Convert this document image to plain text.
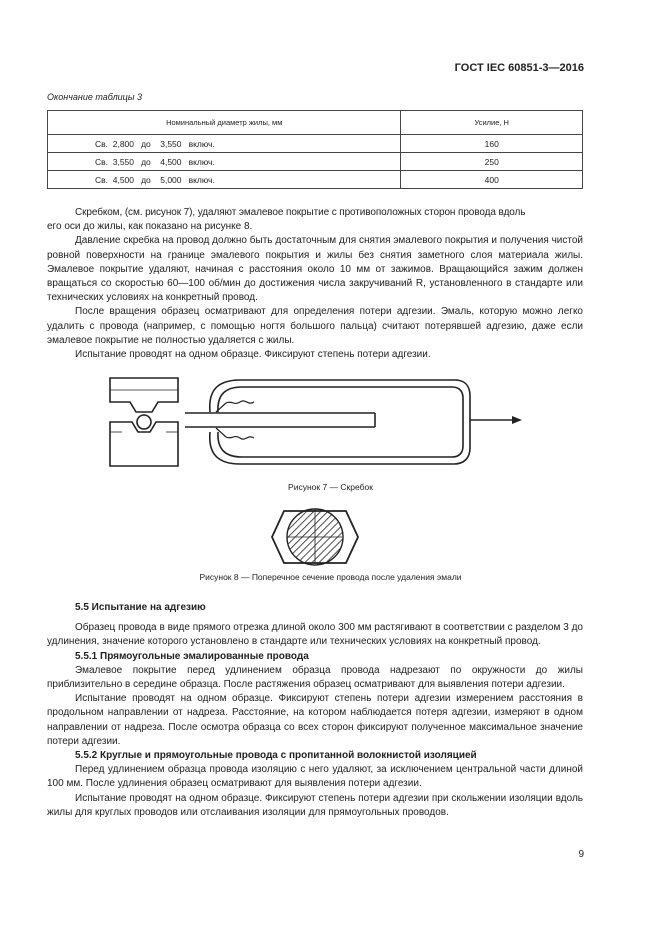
ГОСТ IEC 60851-3—2016
Окончание таблицы 3
Номинальный диаметр жилы, мм	Усилие, Н
Св.  2,800   до    3,550   включ.	160
Св.  3,550   до    4,500   включ.	250
Св.  4,500   до    5,000   включ.	400

Скребком, (см. рисунок 7), удаляют эмалевое покрытие с противоположных сторон провода вдоль

его оси до жилы, как показано на рисунке 8.

Давление скребка на провод должно быть достаточным для снятия эмалевого покрытия и получения чистой ровной поверхности на границе эмалевого покрытия и жилы без снятия заметного слоя материала жилы. Эмалевое покрытие удаляют, начиная с расстояния около 10 мм от зажимов. Вращающийся зажим должен вращаться со скоростью 60—100 об/мин до достижения числа закручиваний R, установленного в стандарте или технических условиях на конкретный провод.

После вращения образец осматривают для определения потери адгезии. Эмаль, которую можно легко удалить с провода (например, с помощью ногтя большого пальца) считают потерявшей адгезию, даже если эмалевое покрытие не полностью удаляется с жилы.

Испытание проводят на одном образце. Фиксируют степень потери адгезии.

Рисунок 7 — Скребок
Рисунок 8 — Поперечное сечение провода после удаления эмали
5.5 Испытание на адгезию

Образец провода в виде прямого отрезка длиной около 300 мм растягивают в соответствии с разделом 3 до удлинения, значение которого установлено в стандарте или технических условиях на конкретный провод.

5.5.1 Прямоугольные эмалированные провода

Эмалевое покрытие перед удлинением образца провода надрезают по окружности до жилы приблизительно в середине образца. После растяжения образец осматривают для выявления потери адгезии.

Испытание проводят на одном образце. Фиксируют степень потери адгезии измерением расстояния в продольном направлении от надреза. Расстояние, на котором наблюдается потеря адгезии, измеряют в одном направлении от надреза. После осмотра образца со всех сторон фиксируют полученное максимальное значение потери адгезии.

5.5.2 Круглые и прямоугольные провода с пропитанной волокнистой изоляцией

Перед удлинением образца провода изоляцию с него удаляют, за исключением центральной части длиной 100 мм. После удлинения образец осматривают для выявления потери адгезии.

Испытание проводят на одном образце. Фиксируют степень потери адгезии при скольжении изоляции вдоль жилы для круглых проводов или отслаивания изоляции для прямоугольных проводов.

9
